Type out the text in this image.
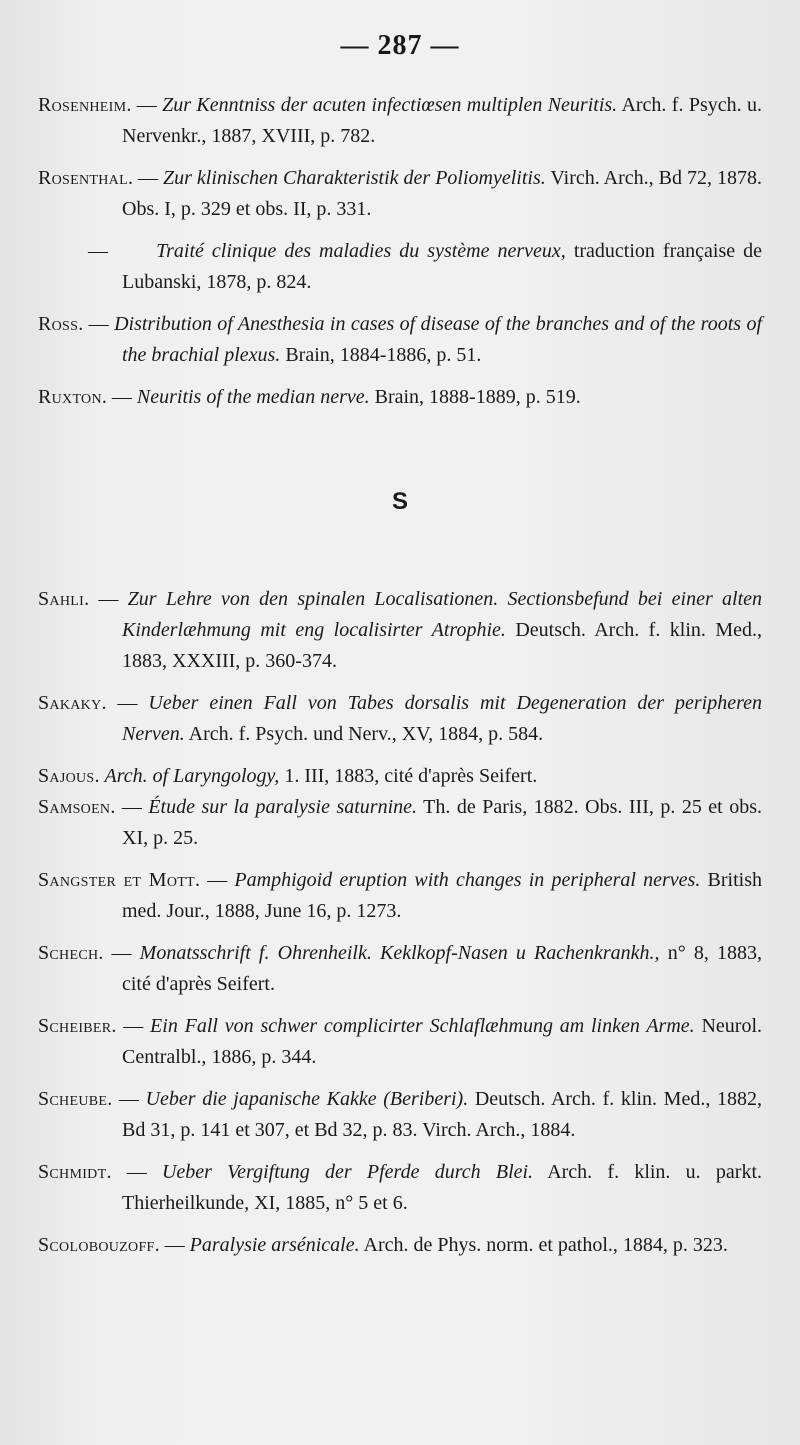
— 287 —

Rosenheim. — Zur Kenntniss der acuten infectiœsen multiplen Neuritis. Arch. f. Psych. u. Nervenkr., 1887, XVIII, p. 782.

Rosenthal. — Zur klinischen Charakteristik der Poliomyelitis. Virch. Arch., Bd 72, 1878. Obs. I, p. 329 et obs. II, p. 331.

—      Traité clinique des maladies du système nerveux, traduction française de Lubanski, 1878, p. 824.

Ross. — Distribution of Anesthesia in cases of disease of the branches and of the roots of the brachial plexus. Brain, 1884-1886, p. 51.

Ruxton. — Neuritis of the median nerve. Brain, 1888-1889, p. 519.

S

Sahli. — Zur Lehre von den spinalen Localisationen. Sectionsbefund bei einer alten Kinderlæhmung mit eng localisirter Atrophie. Deutsch. Arch. f. klin. Med., 1883, XXXIII, p. 360-374.

Sakaky. — Ueber einen Fall von Tabes dorsalis mit Degeneration der peripheren Nerven. Arch. f. Psych. und Nerv., XV, 1884, p. 584.

Sajous. Arch. of Laryngology, 1. III, 1883, cité d'après Seifert.

Samsoen. — Étude sur la paralysie saturnine. Th. de Paris, 1882. Obs. III, p. 25 et obs. XI, p. 25.

Sangster et Mott. — Pamphigoid eruption with changes in peripheral nerves. British med. Jour., 1888, June 16, p. 1273.

Schech. — Monatsschrift f. Ohrenheilk. Keklkopf-Nasen u Rachenkrankh., n° 8, 1883, cité d'après Seifert.

Scheiber. — Ein Fall von schwer complicirter Schlaflæhmung am linken Arme. Neurol. Centralbl., 1886, p. 344.

Scheube. — Ueber die japanische Kakke (Beriberi). Deutsch. Arch. f. klin. Med., 1882, Bd 31, p. 141 et 307, et Bd 32, p. 83. Virch. Arch., 1884.

Schmidt. — Ueber Vergiftung der Pferde durch Blei. Arch. f. klin. u. parkt. Thierheilkunde, XI, 1885, n° 5 et 6.

Scolobouzoff. — Paralysie arsénicale. Arch. de Phys. norm. et pathol., 1884, p. 323.
